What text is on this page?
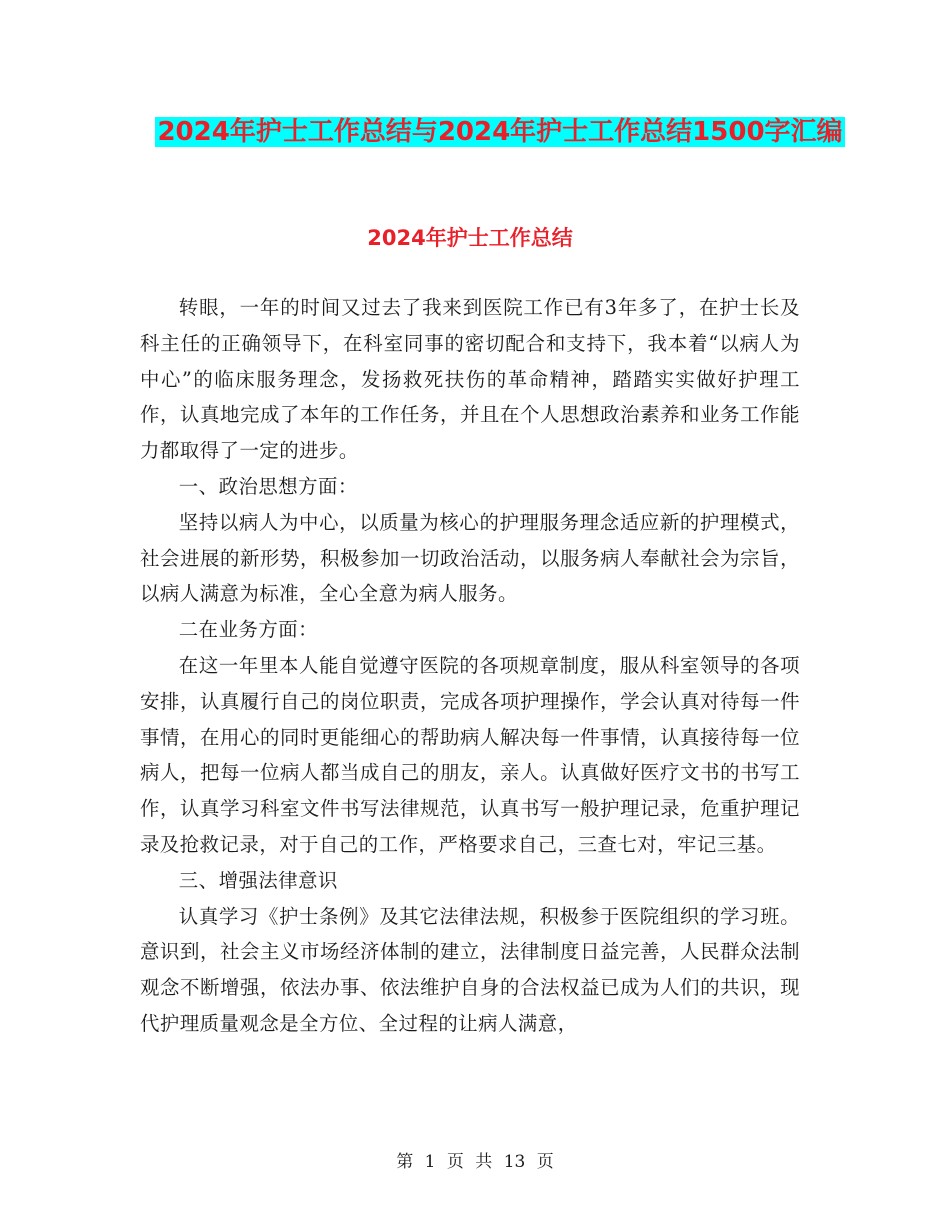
2024年护士工作总结与2024年护士工作总结1500字汇编
2024年护士工作总结

转眼，一年的时间又过去了我来到医院工作已有3年多了，在护士长及科主任的正确领导下，在科室同事的密切配合和支持下，我本着“以病人为中心”的临床服务理念，发扬救死扶伤的革命精神，踏踏实实做好护理工作，认真地完成了本年的工作任务，并且在个人思想政治素养和业务工作能力都取得了一定的进步。

一、政治思想方面：

坚持以病人为中心，以质量为核心的护理服务理念适应新的护理模式，社会进展的新形势，积极参加一切政治活动，以服务病人奉献社会为宗旨，以病人满意为标准，全心全意为病人服务。

二在业务方面：

在这一年里本人能自觉遵守医院的各项规章制度，服从科室领导的各项安排，认真履行自己的岗位职责，完成各项护理操作，学会认真对待每一件事情，在用心的同时更能细心的帮助病人解决每一件事情，认真接待每一位病人，把每一位病人都当成自己的朋友，亲人。认真做好医疗文书的书写工作，认真学习科室文件书写法律规范，认真书写一般护理记录，危重护理记录及抢救记录，对于自己的工作，严格要求自己，三查七对，牢记三基。

三、增强法律意识

认真学习《护士条例》及其它法律法规，积极参于医院组织的学习班。意识到，社会主义市场经济体制的建立，法律制度日益完善，人民群众法制观念不断增强，依法办事、依法维护自身的合法权益已成为人们的共识，现代护理质量观念是全方位、全过程的让病人满意，

第 1 页 共 13 页
